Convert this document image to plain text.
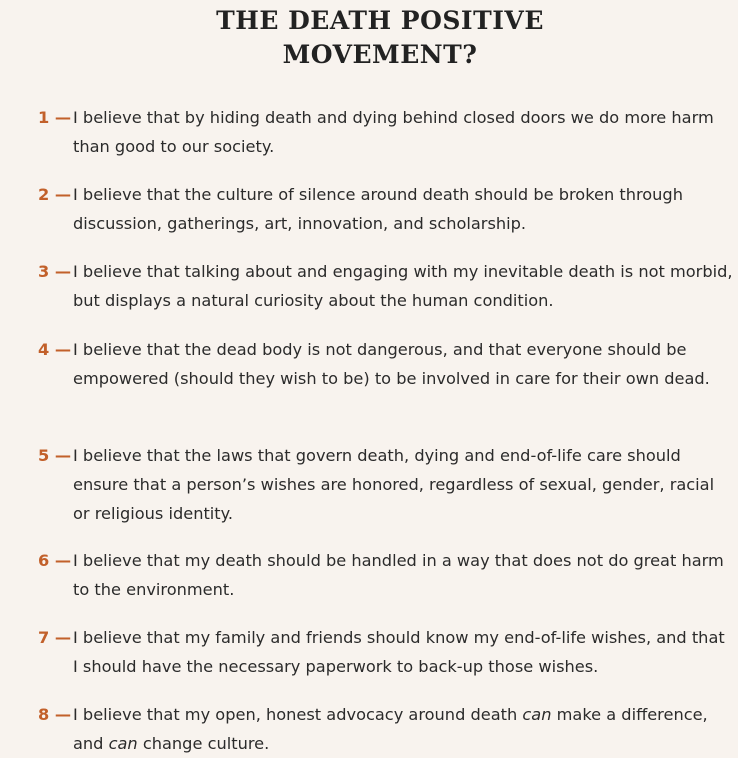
THE DEATH POSITIVE
MOVEMENT?
1 — I believe that by hiding death and dying behind closed doors we do more harm than good to our society.
2 — I believe that the culture of silence around death should be broken through discussion, gatherings, art, innovation, and scholarship.
3 — I believe that talking about and engaging with my inevitable death is not morbid, but displays a natural curiosity about the human condition.
4 — I believe that the dead body is not dangerous, and that everyone should be empowered (should they wish to be) to be involved in care for their own dead.
5 — I believe that the laws that govern death, dying and end-of-life care should ensure that a person’s wishes are honored, regardless of sexual, gender, racial or religious identity.
6 — I believe that my death should be handled in a way that does not do great harm to the environment.
7 — I believe that my family and friends should know my end-of-life wishes, and that I should have the necessary paperwork to back-up those wishes.
8 — I believe that my open, honest advocacy around death can make a difference, and can change culture.
